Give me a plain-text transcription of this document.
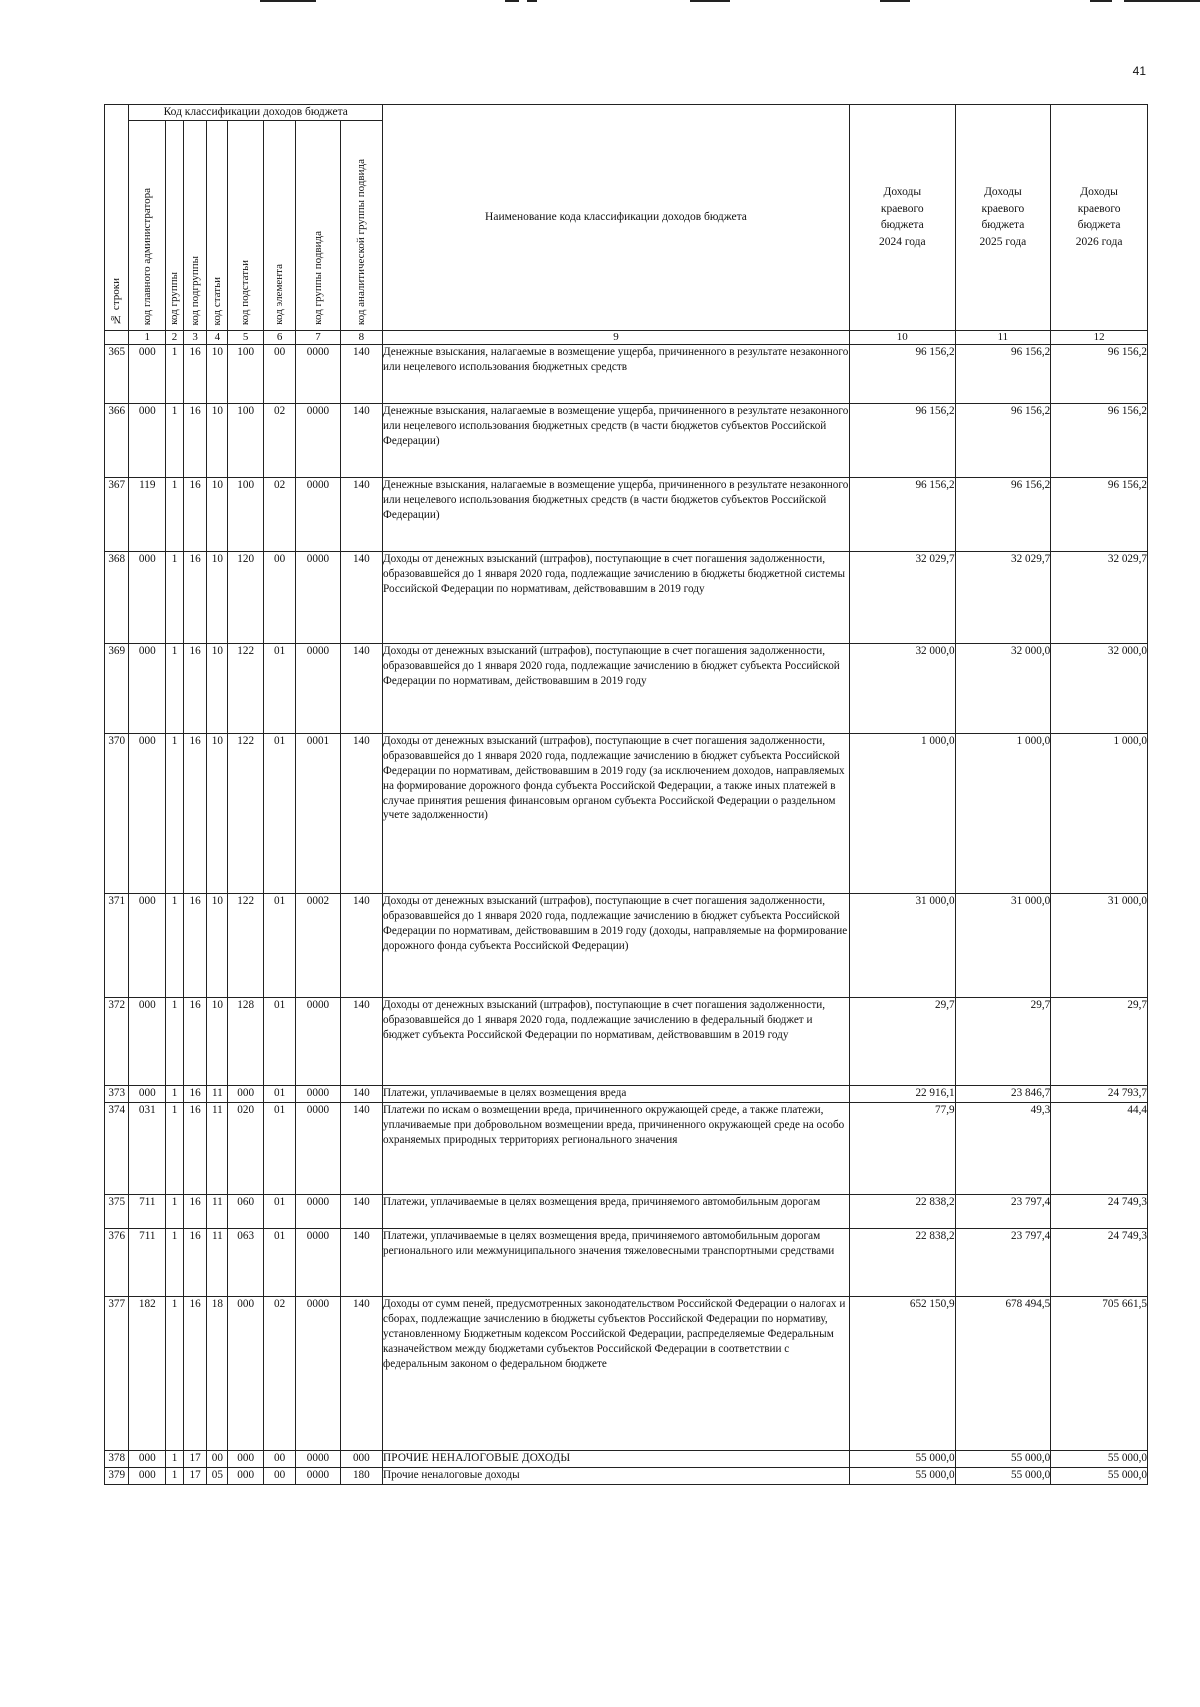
41
№ строки	Код классификации доходов бюджета								Наименование кода классификации доходов бюджета	Доходы
краевого
бюджета
2024 года	Доходы
краевого
бюджета
2025 года	Доходы
краевого
бюджета
2026 года
	код главного администратора	код группы	код подгруппы	код статьи	код подстатьи	код элемента	код группы подвида	код аналитической группы подвида				
	1	2	3	4	5	6	7	8	9	10	11	12
365	000	1	16	10	100	00	0000	140	Денежные взыскания, налагаемые в возмещение ущерба, причиненного в результате незаконного или нецелевого использования бюджетных средств	96 156,2	96 156,2	96 156,2
366	000	1	16	10	100	02	0000	140	Денежные взыскания, налагаемые в возмещение ущерба, причиненного в результате незаконного или нецелевого использования бюджетных средств (в части бюджетов субъектов Российской Федерации)	96 156,2	96 156,2	96 156,2
367	119	1	16	10	100	02	0000	140	Денежные взыскания, налагаемые в возмещение ущерба, причиненного в результате незаконного или нецелевого использования бюджетных средств (в части бюджетов субъектов Российской Федерации)	96 156,2	96 156,2	96 156,2
368	000	1	16	10	120	00	0000	140	Доходы от денежных взысканий (штрафов), поступающие в счет погашения задолженности, образовавшейся до 1 января 2020 года, подлежащие зачислению в бюджеты бюджетной системы Российской Федерации по нормативам, действовавшим в 2019 году	32 029,7	32 029,7	32 029,7
369	000	1	16	10	122	01	0000	140	Доходы от денежных взысканий (штрафов), поступающие в счет погашения задолженности, образовавшейся до 1 января 2020 года, подлежащие зачислению в бюджет субъекта Российской Федерации по нормативам, действовавшим в 2019 году	32 000,0	32 000,0	32 000,0
370	000	1	16	10	122	01	0001	140	Доходы от денежных взысканий (штрафов), поступающие в счет погашения задолженности, образовавшейся до 1 января 2020 года, подлежащие зачислению в бюджет субъекта Российской Федерации по нормативам, действовавшим в 2019 году (за исключением доходов, направляемых на формирование дорожного фонда субъекта Российской Федерации, а также иных платежей в случае принятия решения финансовым органом субъекта Российской Федерации о раздельном учете задолженности)	1 000,0	1 000,0	1 000,0
371	000	1	16	10	122	01	0002	140	Доходы от денежных взысканий (штрафов), поступающие в счет погашения задолженности, образовавшейся до 1 января 2020 года, подлежащие зачислению в бюджет субъекта Российской Федерации по нормативам, действовавшим в 2019 году (доходы, направляемые на формирование дорожного фонда субъекта Российской Федерации)	31 000,0	31 000,0	31 000,0
372	000	1	16	10	128	01	0000	140	Доходы от денежных взысканий (штрафов), поступающие в счет погашения задолженности, образовавшейся до 1 января 2020 года, подлежащие зачислению в федеральный бюджет и бюджет субъекта Российской Федерации по нормативам, действовавшим в 2019 году	29,7	29,7	29,7
373	000	1	16	11	000	01	0000	140	Платежи, уплачиваемые в целях возмещения вреда	22 916,1	23 846,7	24 793,7
374	031	1	16	11	020	01	0000	140	Платежи по искам о возмещении вреда, причиненного окружающей среде, а также платежи, уплачиваемые при добровольном возмещении вреда, причиненного окружающей среде на особо охраняемых природных территориях регионального значения	77,9	49,3	44,4
375	711	1	16	11	060	01	0000	140	Платежи, уплачиваемые в целях возмещения вреда, причиняемого автомобильным дорогам	22 838,2	23 797,4	24 749,3
376	711	1	16	11	063	01	0000	140	Платежи, уплачиваемые в целях возмещения вреда, причиняемого автомобильным дорогам регионального или межмуниципального значения тяжеловесными транспортными средствами	22 838,2	23 797,4	24 749,3
377	182	1	16	18	000	02	0000	140	Доходы от сумм пеней, предусмотренных законодательством Российской Федерации о налогах и сборах, подлежащие зачислению в бюджеты субъектов Российской Федерации по нормативу, установленному Бюджетным кодексом Российской Федерации, распределяемые Федеральным казначейством между бюджетами субъектов Российской Федерации в соответствии с федеральным законом о федеральном бюджете	652 150,9	678 494,5	705 661,5
378	000	1	17	00	000	00	0000	000	ПРОЧИЕ НЕНАЛОГОВЫЕ ДОХОДЫ	55 000,0	55 000,0	55 000,0
379	000	1	17	05	000	00	0000	180	Прочие неналоговые доходы	55 000,0	55 000,0	55 000,0
